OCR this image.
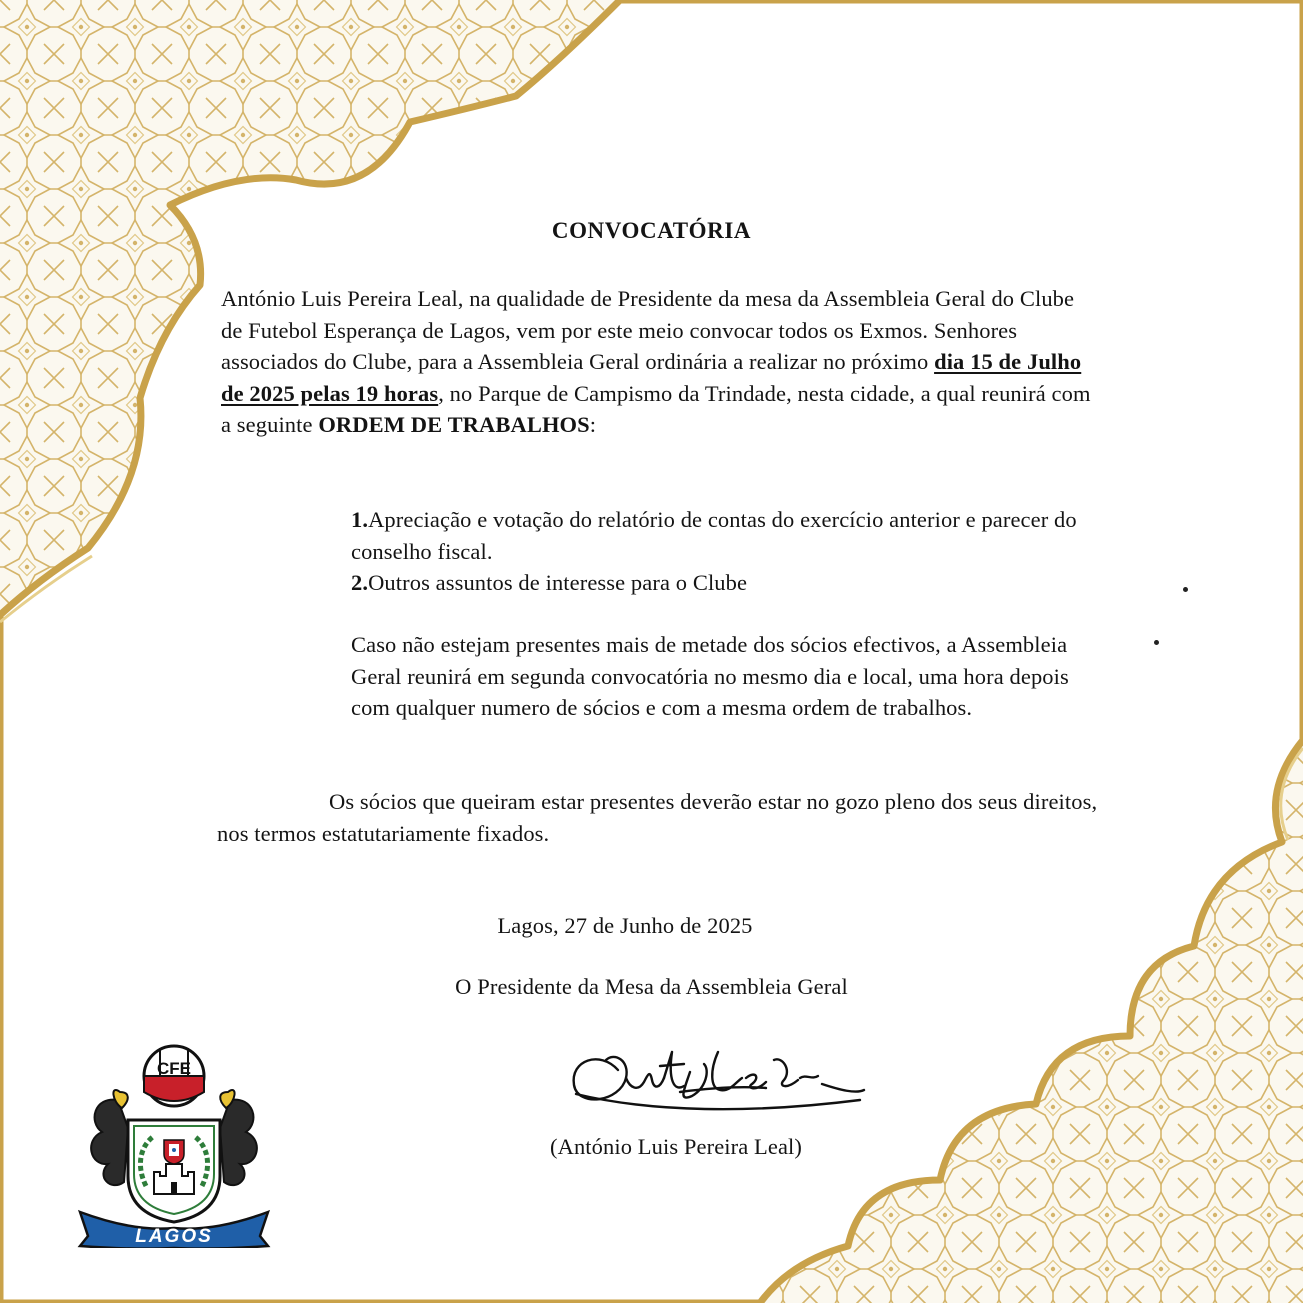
CONVOCATÓRIA
António Luis Pereira Leal, na qualidade de Presidente da mesa da Assembleia Geral do Clube de Futebol Esperança de Lagos, vem por este meio convocar todos os Exmos. Senhores associados do Clube, para a Assembleia Geral ordinária a realizar no próximo dia 15 de Julho de 2025 pelas 19 horas, no Parque de Campismo da Trindade, nesta cidade, a qual reunirá com a seguinte ORDEM DE TRABALHOS:
1.Apreciação e votação do relatório de contas do exercício anterior e parecer do conselho fiscal.
2.Outros assuntos de interesse para o Clube
Caso não estejam presentes mais de metade dos sócios efectivos, a Assembleia Geral reunirá em segunda convocatória no mesmo dia e local, uma hora depois com qualquer numero de sócios e com a mesma ordem de trabalhos.
Os sócios que queiram estar presentes deverão estar no gozo pleno dos seus direitos, nos termos estatutariamente fixados.
Lagos, 27 de Junho de 2025
O Presidente da Mesa da Assembleia Geral
(António Luis Pereira Leal)
CFE
LAGOS
